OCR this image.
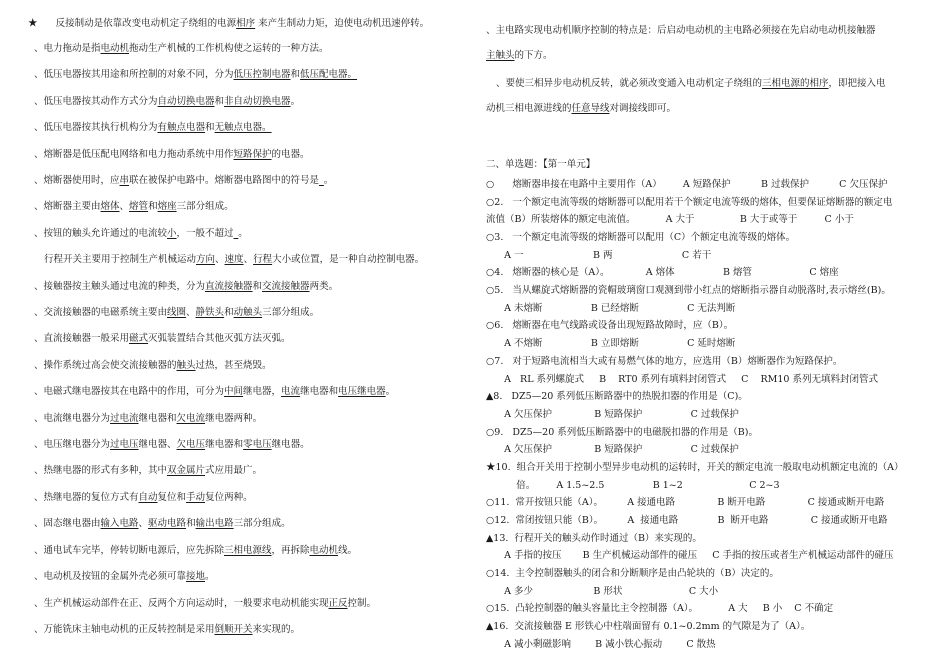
★      反接制动是依靠改变电动机定子绕组的电源相序 来产生制动力矩，迫使电动机迅速停转。
、电力拖动是指电动机拖动生产机械的工作机构使之运转的一种方法。
、低压电器按其用途和所控制的对象不同，分为低压控制电器和低压配电器。
、低压电器按其动作方式分为自动切换电器和非自动切换电器。
、低压电器按其执行机构分为有触点电器和无触点电器。
、熔断器是低压配电网络和电力拖动系统中用作短路保护的电器。
、熔断器使用时，应串联在被保护电路中。熔断器电路图中的符号是_。
、熔断器主要由熔体、熔管和熔座三部分组成。
、按钮的触头允许通过的电流较小，一般不超过_。
行程开关主要用于控制生产机械运动方向、速度、行程大小或位置，是一种自动控制电器。
、接触器按主触头通过电流的种类，分为直流接触器和交流接触器两类。
、交流接触器的电磁系统主要由线圈、静铁头和动触头三部分组成。
、直流接触器一般采用磁式灭弧装置结合其他灭弧方法灭弧。
、操作系统过高会使交流接触器的触头过热，甚至烧毁。
、电磁式继电器按其在电路中的作用，可分为中间继电器，电流继电器和电压继电器。
、电流继电器分为过电流继电器和欠电流继电器两种。
、电压继电器分为过电压继电器、欠电压继电器和零电压继电器。
、热继电器的形式有多种，其中双金属片式应用最广。
、热继电器的复位方式有自动复位和手动复位两种。
、固态继电器由输入电路、驱动电路和输出电路三部分组成。
、通电试车完毕，停转切断电源后，应先拆除三相电源线，再拆除电动机线。
、电动机及按钮的金属外壳必须可靠接地。
、生产机械运动部件在正、反两个方向运动时，一般要求电动机能实现正反控制。
、万能铣床主轴电动机的正反转控制是采用倒顺开关来实现的。
、主电路实现电动机顺序控制的特点是：后启动电动机的主电路必须接在先启动电动机接触器
主触头的下方。
、要使三相异步电动机反转，就必须改变通入电动机定子绕组的三相电源的相序，即把接入电
动机三相电源进线的任意导线对调接线即可。
二、单选题：【第一单元】
○      熔断器串接在电路中主要用作（A）       A 短路保护          B 过载保护          C 欠压保护
○2.   一个额定电流等级的熔断器可以配用若干个额定电流等级的熔体，但要保证熔断器的额定电
流值（B）所装熔体的额定电流值。          A 大于               B 大于或等于         C 小于
○3.   一个额定电流等级的熔断器可以配用（C）个额定电流等级的熔体。
A 一                       B 两                       C 若干
○4.   熔断器的核心是（A）。            A 熔体                B 熔管                   C 熔座
○5.   当从螺旋式熔断器的瓷帽玻璃窗口观测到带小红点的熔断指示器自动脱落时,表示熔丝(B)。
A 未熔断                B 已经熔断                C 无法判断
○6.   熔断器在电气线路或设备出现短路故障时，应（B）。
A 不熔断                B 立即熔断                C 延时熔断
○7.   对于短路电流相当大或有易燃气体的地方，应选用（B）熔断器作为短路保护。
A   RL 系列螺旋式     B    RT0 系列有填料封闭管式     C    RM10 系列无填料封闭管式
▲8.   DZ5—20 系列低压断路器中的热脱扣器的作用是（C)。
A 欠压保护              B 短路保护                C 过载保护
○9.   DZ5—20 系列低压断路器中的电磁脱扣器的作用是（B)。
A 欠压保护              B 短路保护                C 过载保护
★10.  组合开关用于控制小型异步电动机的运转时，开关的额定电流一般取电动机额定电流的（A）
倍。       A 1.5~2.5                B 1~2                      C 2~3
○11.  常开按钮只能（A）。        A 接通电路              B 断开电路              C 接通或断开电路
○12.  常闭按钮只能（B）。        A  接通电路             B  断开电路              C 接通或断开电路
▲13.  行程开关的触头动作时通过（B）来实现的。
A 手指的按压       B 生产机械运动部件的碰压     C 手指的按压或者生产机械运动部件的碰压
○14.  主令控制器触头的闭合和分断顺序是由凸轮块的（B）决定的。
A 多少                    B 形状                      C 大小
○15.  凸轮控制器的触头容量比主令控制器（A）。          A 大     B 小    C 不确定
▲16.  交流接触器 E 形铁心中柱端面留有 0.1~0.2mm 的气隙是为了（A）。
A 减小剩磁影响        B 减小铁心振动        C 散热
